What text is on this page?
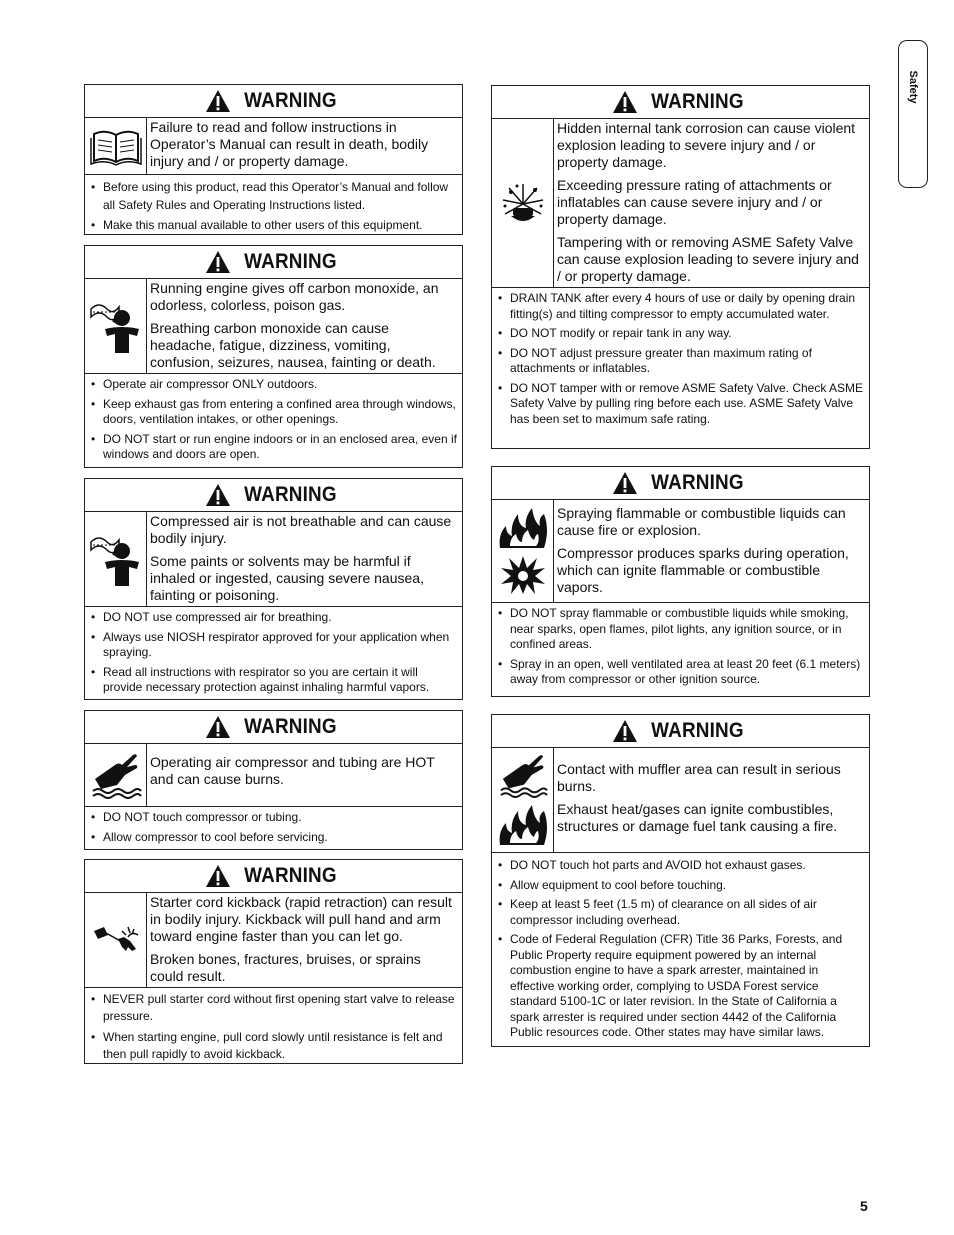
Safety
WARNING

Failure to read and follow instructions in Operator’s Manual can result in death, bodily injury and / or property damage.

• Before using this product, read this Operator’s Manual and follow all Safety Rules and Operating Instructions listed.
• Make this manual available to other users of this equipment.
WARNING

Running engine gives off carbon monoxide, an odorless, colorless, poison gas.

Breathing carbon monoxide can cause headache, fatigue, dizziness, vomiting, confusion, seizures, nausea, fainting or death.

• Operate air compressor ONLY outdoors.
• Keep exhaust gas from entering a confined area through windows, doors, ventilation intakes, or other openings.
• DO NOT start or run engine indoors or in an enclosed area, even if windows and doors are open.
WARNING

Compressed air is not breathable and can cause bodily injury.

Some paints or solvents may be harmful if inhaled or ingested, causing severe nausea, fainting or poisoning.

• DO NOT use compressed air for breathing.
• Always use NIOSH respirator approved for your application when spraying.
• Read all instructions with respirator so you are certain it will provide necessary protection against inhaling harmful vapors.
WARNING

Operating air compressor and tubing are HOT and can cause burns.

• DO NOT touch compressor or tubing.
• Allow compressor to cool before servicing.
WARNING

Starter cord kickback (rapid retraction) can result in bodily injury. Kickback will pull hand and arm toward engine faster than you can let go.

Broken bones, fractures, bruises, or sprains could result.

• NEVER pull starter cord without first opening start valve to release pressure.
• When starting engine, pull cord slowly until resistance is felt and then pull rapidly to avoid kickback.
WARNING

Hidden internal tank corrosion can cause violent explosion leading to severe injury and / or property damage.

Exceeding pressure rating of attachments or inflatables can cause severe injury and / or property damage.

Tampering with or removing ASME Safety Valve can cause explosion leading to severe injury and / or property damage.

• DRAIN TANK after every 4 hours of use or daily by opening drain fitting(s) and tilting compressor to empty accumulated water.
• DO NOT modify or repair tank in any way.
• DO NOT adjust pressure greater than maximum rating of attachments or inflatables.
• DO NOT tamper with or remove ASME Safety Valve. Check ASME Safety Valve by pulling ring before each use. ASME Safety Valve has been set to maximum safe rating.
WARNING

Spraying flammable or combustible liquids can cause fire or explosion.

Compressor produces sparks during operation, which can ignite flammable or combustible vapors.

• DO NOT spray flammable or combustible liquids while smoking, near sparks, open flames, pilot lights, any ignition source, or in confined areas.
• Spray in an open, well ventilated area at least 20 feet (6.1 meters) away from compressor or other ignition source.
WARNING

Contact with muffler area can result in serious burns.

Exhaust heat/gases can ignite combustibles, structures or damage fuel tank causing a fire.

• DO NOT touch hot parts and AVOID hot exhaust gases.
• Allow equipment to cool before touching.
• Keep at least 5 feet (1.5 m) of clearance on all sides of air compressor including overhead.
• Code of Federal Regulation (CFR) Title 36 Parks, Forests, and Public Property require equipment powered by an internal combustion engine to have a spark arrester, maintained in effective working order, complying to USDA Forest service standard 5100-1C or later revision. In the State of California a spark arrester is required under section 4442 of the California Public resources code. Other states may have similar laws.
5
